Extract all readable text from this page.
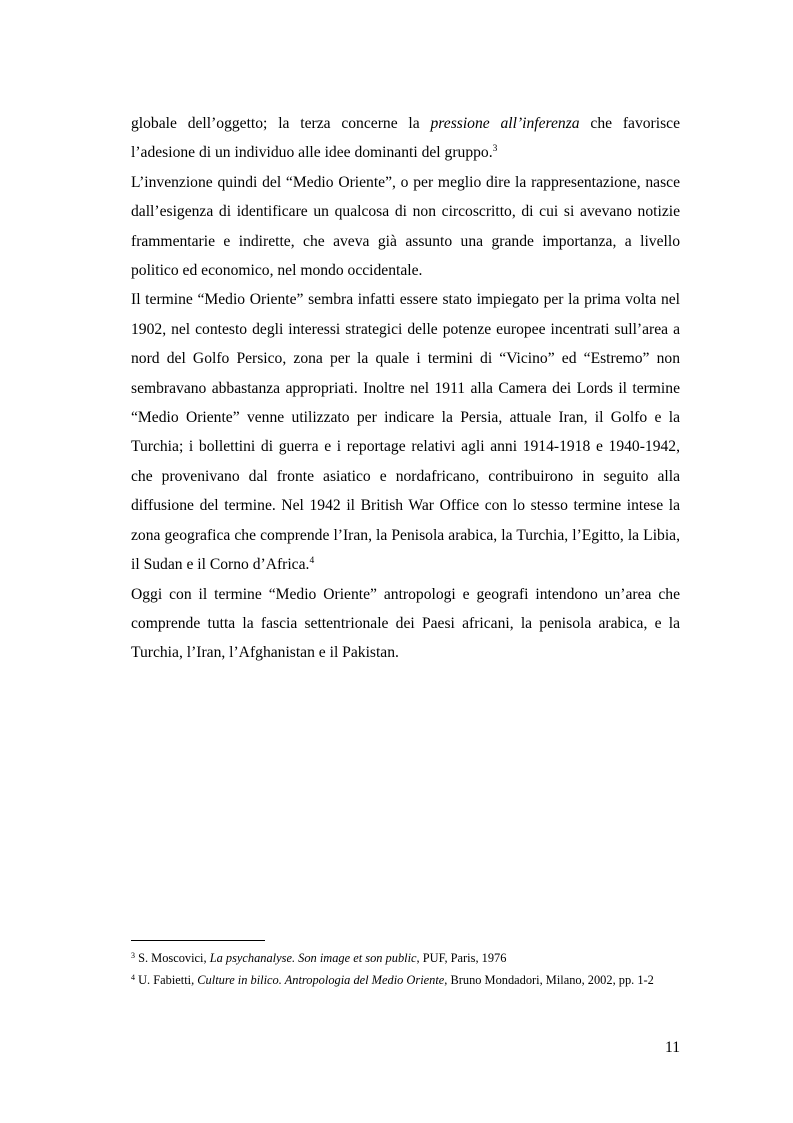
globale dell’oggetto; la terza concerne la pressione all’inferenza che favorisce l’adesione di un individuo alle idee dominanti del gruppo.$^3$

L’invenzione quindi del “Medio Oriente”, o per meglio dire la rappresentazione, nasce dall’esigenza di identificare un qualcosa di non circoscritto, di cui si avevano notizie frammentarie e indirette, che aveva già assunto una grande importanza, a livello politico ed economico, nel mondo occidentale.

Il termine “Medio Oriente” sembra infatti essere stato impiegato per la prima volta nel 1902, nel contesto degli interessi strategici delle potenze europee incentrati sull’area a nord del Golfo Persico, zona per la quale i termini di “Vicino” ed “Estremo” non sembravano abbastanza appropriati. Inoltre nel 1911 alla Camera dei Lords il termine “Medio Oriente” venne utilizzato per indicare la Persia, attuale Iran, il Golfo e la Turchia; i bollettini di guerra e i reportage relativi agli anni 1914-1918 e 1940-1942, che provenivano dal fronte asiatico e nordafricano, contribuirono in seguito alla diffusione del termine. Nel 1942 il British War Office con lo stesso termine intese la zona geografica che comprende l’Iran, la Penisola arabica, la Turchia, l’Egitto, la Libia, il Sudan e il Corno d’Africa.$^4$

Oggi con il termine “Medio Oriente” antropologi e geografi intendono un’area che comprende tutta la fascia settentrionale dei Paesi africani, la penisola arabica, e la Turchia, l’Iran, l’Afghanistan e il Pakistan.

$^3$ S. Moscovici, La psychanalyse. Son image et son public, PUF, Paris, 1976

$^4$ U. Fabietti, Culture in bilico. Antropologia del Medio Oriente, Bruno Mondadori, Milano, 2002, pp. 1-2

11
